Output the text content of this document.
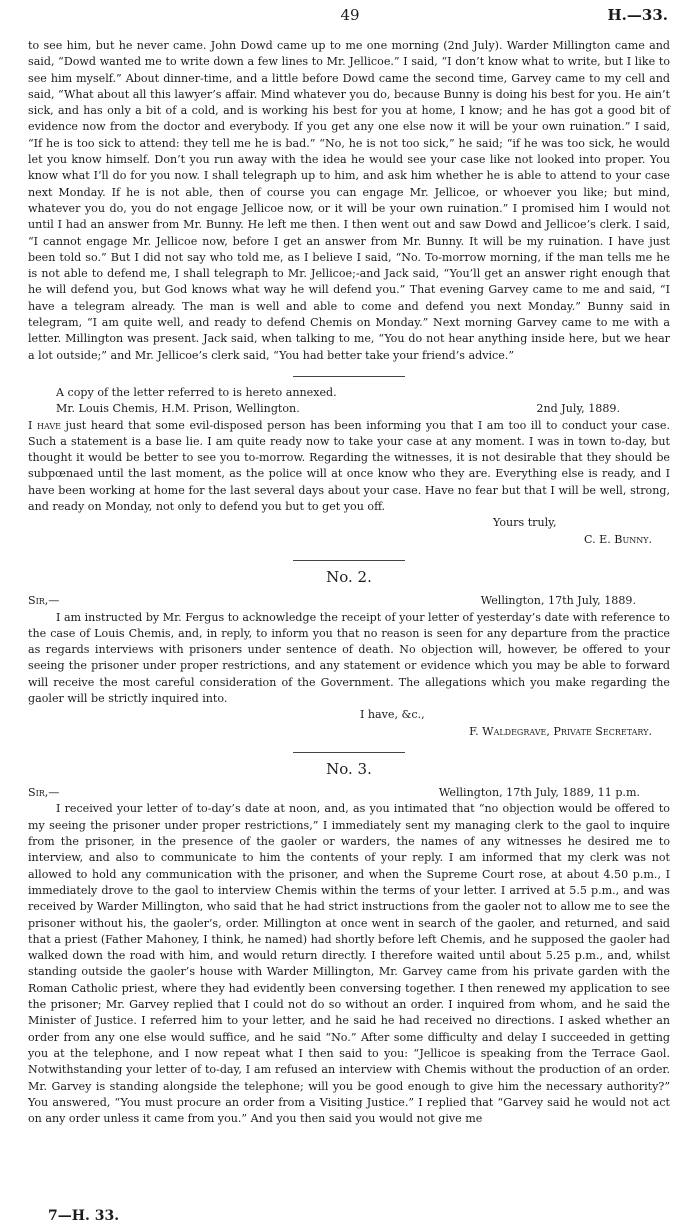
49	H.—33.

to see him, but he never came. John Dowd came up to me one morning (2nd July). Warder Millington came and said, “Dowd wanted me to write down a few lines to Mr. Jellicoe.” I said, “I don’t know what to write, but I like to see him myself.” About dinner-time, and a little before Dowd came the second time, Garvey came to my cell and said, “What about all this lawyer’s affair. Mind whatever you do, because Bunny is doing his best for you. He ain’t sick, and has only a bit of a cold, and is working his best for you at home, I know; and he has got a good bit of evidence now from the doctor and everybody. If you get any one else now it will be your own ruination.” I said, “If he is too sick to attend: they tell me he is bad.” “No, he is not too sick,” he said; “if he was too sick, he would let you know himself. Don’t you run away with the idea he would see your case like not looked into proper. You know what I’ll do for you now. I shall telegraph up to him, and ask him whether he is able to attend to your case next Monday. If he is not able, then of course you can engage Mr. Jellicoe, or whoever you like; but mind, whatever you do, you do not engage Jellicoe now, or it will be your own ruination.” I promised him I would not until I had an answer from Mr. Bunny. He left me then. I then went out and saw Dowd and Jellicoe’s clerk. I said, “I cannot engage Mr. Jellicoe now, before I get an answer from Mr. Bunny. It will be my ruination. I have just been told so.” But I did not say who told me, as I believe I said, “No. To-morrow morning, if the man tells me he is not able to defend me, I shall telegraph to Mr. Jellicoe;-and Jack said, “You’ll get an answer right enough that he will defend you, but God knows what way he will defend you.” That evening Garvey came to me and said, “I have a telegram already. The man is well and able to come and defend you next Monday.” Bunny said in telegram, “I am quite well, and ready to defend Chemis on Monday.” Next morning Garvey came to me with a letter. Millington was present. Jack said, when talking to me, “You do not hear anything inside here, but we hear a lot outside;” and Mr. Jellicoe’s clerk said, “You had better take your friend’s advice.”

A copy of the letter referred to is hereto annexed.

Mr. Louis Chemis, H.M. Prison, Wellington.	2nd July, 1889.

I have just heard that some evil-disposed person has been informing you that I am too ill to conduct your case. Such a statement is a base lie. I am quite ready now to take your case at any moment. I was in town to-day, but thought it would be better to see you to-morrow. Regarding the witnesses, it is not desirable that they should be subpœnaed until the last moment, as the police will at once know who they are. Everything else is ready, and I have been working at home for the last several days about your case. Have no fear but that I will be well, strong, and ready on Monday, not only to defend you but to get you off.

Yours truly,
C. E. Bunny.
No. 2.
Sir,—	Wellington, 17th July, 1889.

I am instructed by Mr. Fergus to acknowledge the receipt of your letter of yesterday’s date with reference to the case of Louis Chemis, and, in reply, to inform you that no reason is seen for any departure from the practice as regards interviews with prisoners under sentence of death. No objection will, however, be offered to your seeing the prisoner under proper restrictions, and any statement or evidence which you may be able to forward will receive the most careful consideration of the Government. The allegations which you make regarding the gaoler will be strictly inquired into.

I have, &c.,
F. Waldegrave, Private Secretary.
No. 3.
Sir,—	Wellington, 17th July, 1889, 11 p.m.

I received your letter of to-day’s date at noon, and, as you intimated that “no objection would be offered to my seeing the prisoner under proper restrictions,” I immediately sent my managing clerk to the gaol to inquire from the prisoner, in the presence of the gaoler or warders, the names of any witnesses he desired me to interview, and also to communicate to him the contents of your reply. I am informed that my clerk was not allowed to hold any communication with the prisoner, and when the Supreme Court rose, at about 4.50 p.m., I immediately drove to the gaol to interview Chemis within the terms of your letter. I arrived at 5.5 p.m., and was received by Warder Millington, who said that he had strict instructions from the gaoler not to allow me to see the prisoner without his, the gaoler’s, order. Millington at once went in search of the gaoler, and returned, and said that a priest (Father Mahoney, I think, he named) had shortly before left Chemis, and he supposed the gaoler had walked down the road with him, and would return directly. I therefore waited until about 5.25 p.m., and, whilst standing outside the gaoler’s house with Warder Millington, Mr. Garvey came from his private garden with the Roman Catholic priest, where they had evidently been conversing together. I then renewed my application to see the prisoner; Mr. Garvey replied that I could not do so without an order. I inquired from whom, and he said the Minister of Justice. I referred him to your letter, and he said he had received no directions. I asked whether an order from any one else would suffice, and he said “No.” After some difficulty and delay I succeeded in getting you at the telephone, and I now repeat what I then said to you: “Jellicoe is speaking from the Terrace Gaol. Notwithstanding your letter of to-day, I am refused an interview with Chemis without the production of an order. Mr. Garvey is standing alongside the telephone; will you be good enough to give him the necessary authority?” You answered, “You must procure an order from a Visiting Justice.” I replied that “Garvey said he would not act on any order unless it came from you.” And you then said you would not give me

7—H. 33.
